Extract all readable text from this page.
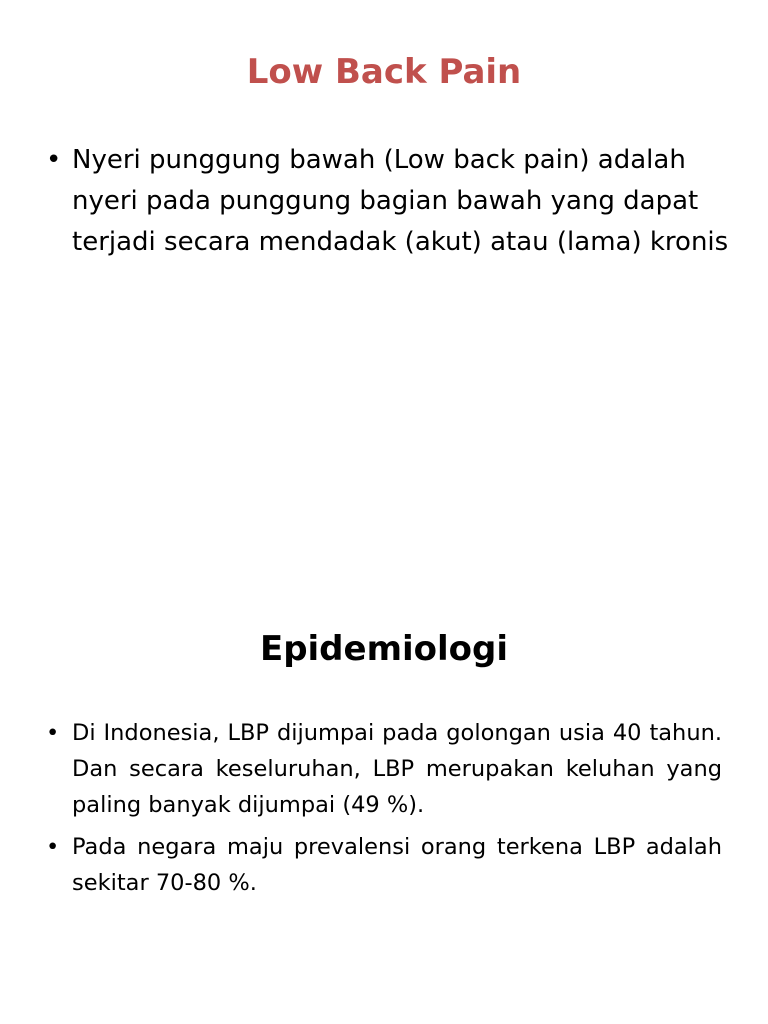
Low Back Pain
• Nyeri punggung bawah (Low back pain) adalah nyeri pada punggung bagian bawah yang dapat terjadi secara mendadak (akut) atau (lama) kronis
Epidemiologi
• Di Indonesia, LBP dijumpai pada golongan usia 40 tahun. Dan secara keseluruhan, LBP merupakan keluhan yang paling banyak dijumpai (49 %).
• Pada negara maju prevalensi orang terkena LBP adalah sekitar 70-80 %.
